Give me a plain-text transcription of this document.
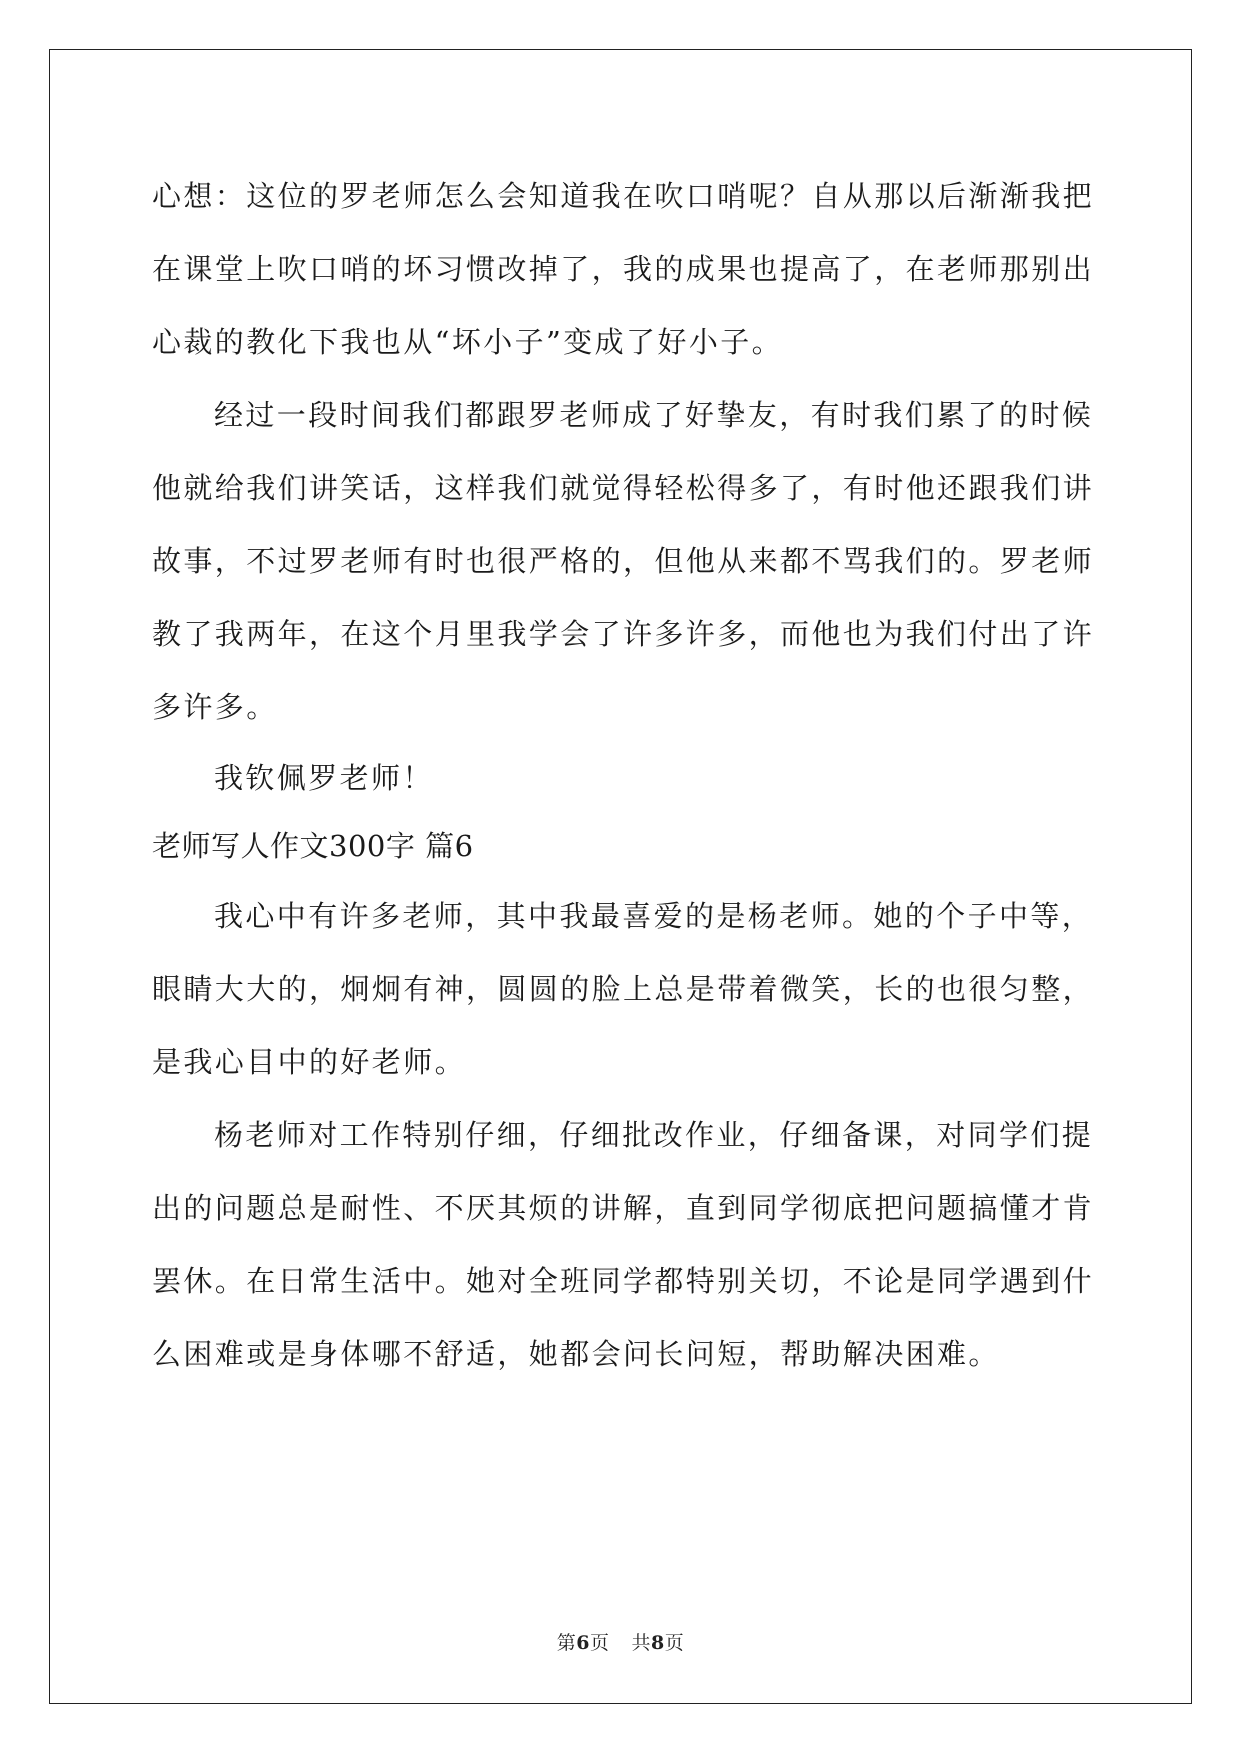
心想：这位的罗老师怎么会知道我在吹口哨呢？自从那以后渐渐我把
在课堂上吹口哨的坏习惯改掉了，我的成果也提高了，在老师那别出
心裁的教化下我也从“坏小子”变成了好小子。
经过一段时间我们都跟罗老师成了好挚友，有时我们累了的时候
他就给我们讲笑话，这样我们就觉得轻松得多了，有时他还跟我们讲
故事，不过罗老师有时也很严格的，但他从来都不骂我们的。罗老师
教了我两年，在这个月里我学会了许多许多，而他也为我们付出了许
多许多。
我钦佩罗老师！
老师写人作文300字 篇6
我心中有许多老师，其中我最喜爱的是杨老师。她的个子中等，
眼睛大大的，炯炯有神，圆圆的脸上总是带着微笑，长的也很匀整，
是我心目中的好老师。
杨老师对工作特别仔细，仔细批改作业，仔细备课，对同学们提
出的问题总是耐性、不厌其烦的讲解，直到同学彻底把问题搞懂才肯
罢休。在日常生活中。她对全班同学都特别关切，不论是同学遇到什
么困难或是身体哪不舒适，她都会问长问短，帮助解决困难。
第6页 共8页
